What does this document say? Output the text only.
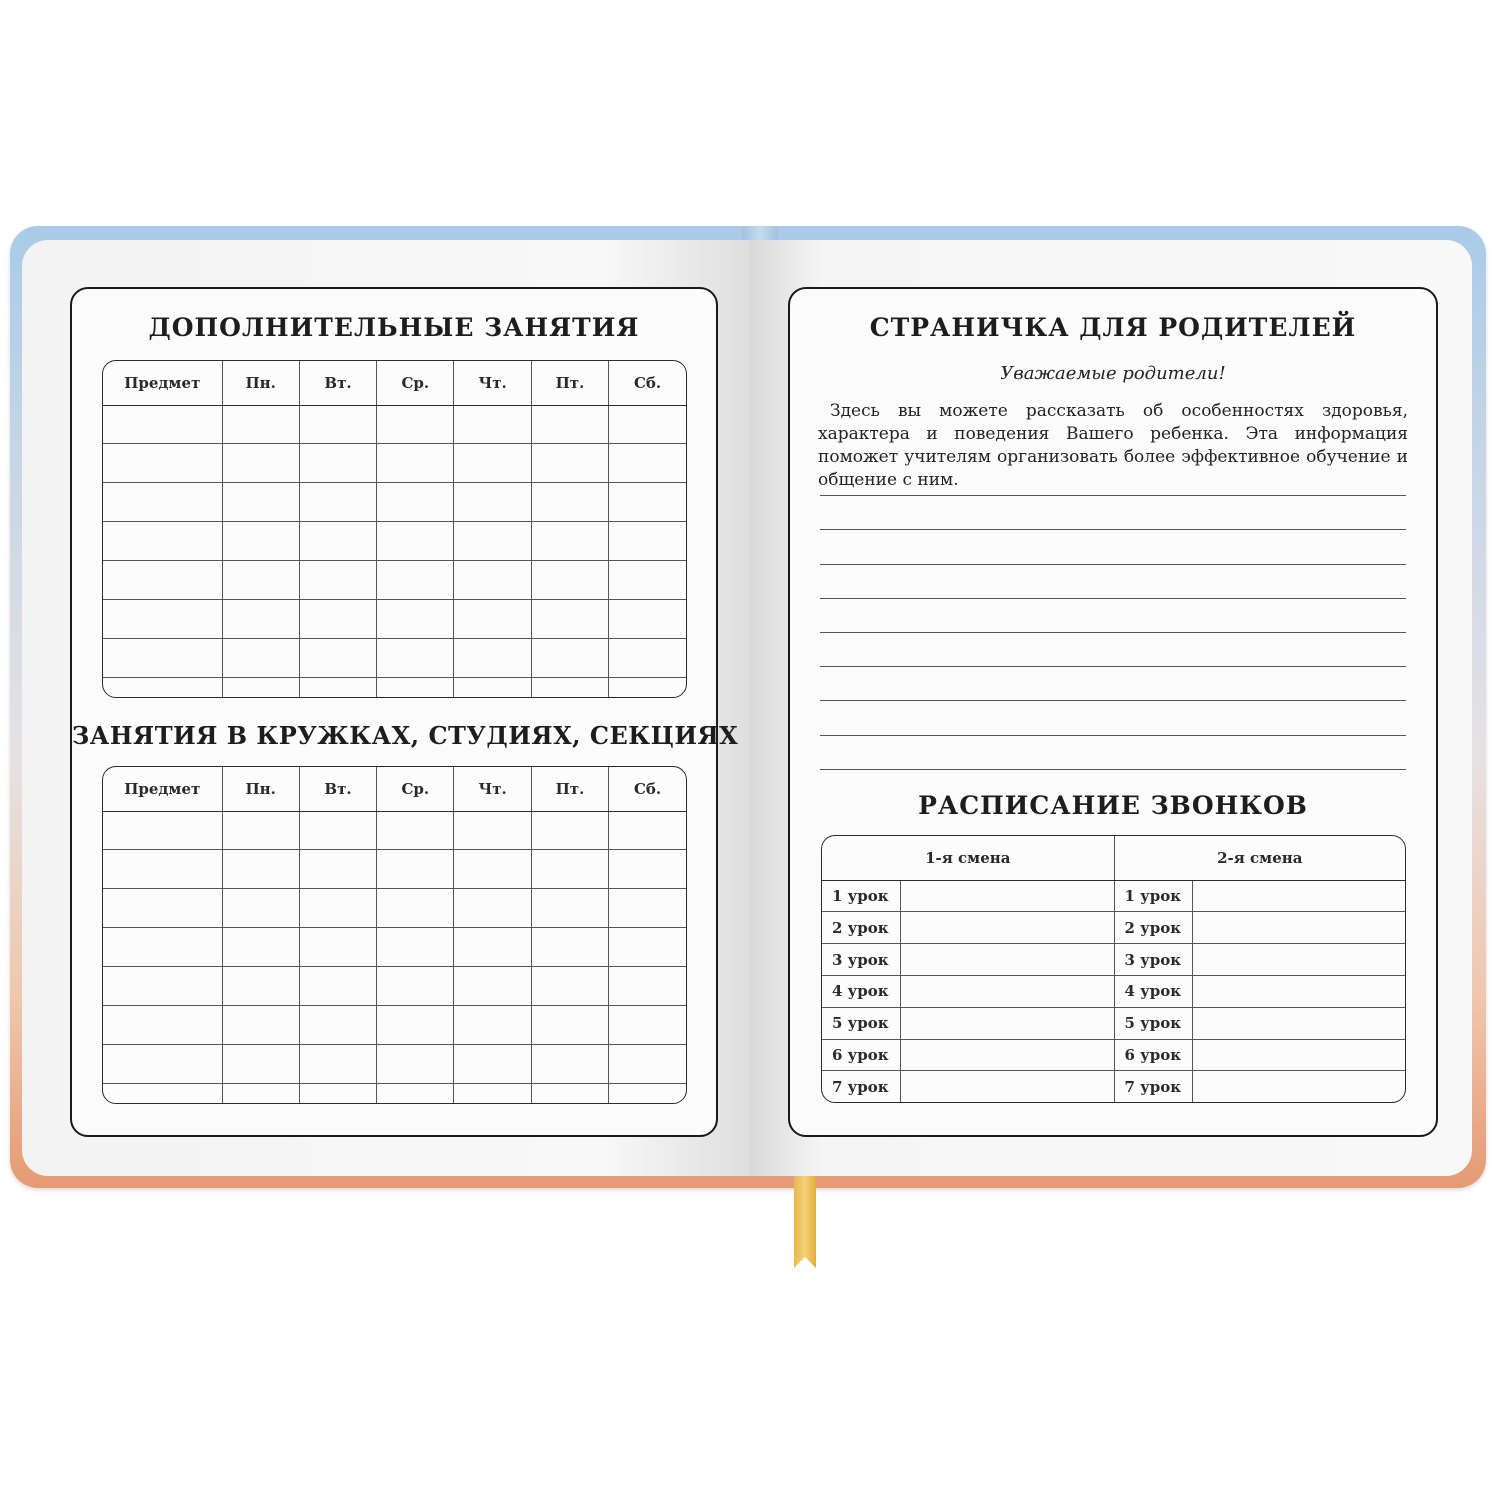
ДОПОЛНИТЕЛЬНЫЕ ЗАНЯТИЯ
Предмет	Пн.	Вт.	Ср.	Чт.	Пт.	Сб.

ЗАНЯТИЯ В КРУЖКАХ, СТУДИЯХ, СЕКЦИЯХ
Предмет	Пн.	Вт.	Ср.	Чт.	Пт.	Сб.

СТРАНИЧКА ДЛЯ РОДИТЕЛЕЙ
Уважаемые родители!
Здесь вы можете рассказать об особенностях здоровья, характера и поведения Вашего ребенка. Эта информация поможет учителям организовать более эффективное обучение и общение с ним.
РАСПИСАНИЕ ЗВОНКОВ
1-я смена		2-я смена	
1 урок		1 урок	
2 урок		2 урок	
3 урок		3 урок	
4 урок		4 урок	
5 урок		5 урок	
6 урок		6 урок	
7 урок		7 урок	
